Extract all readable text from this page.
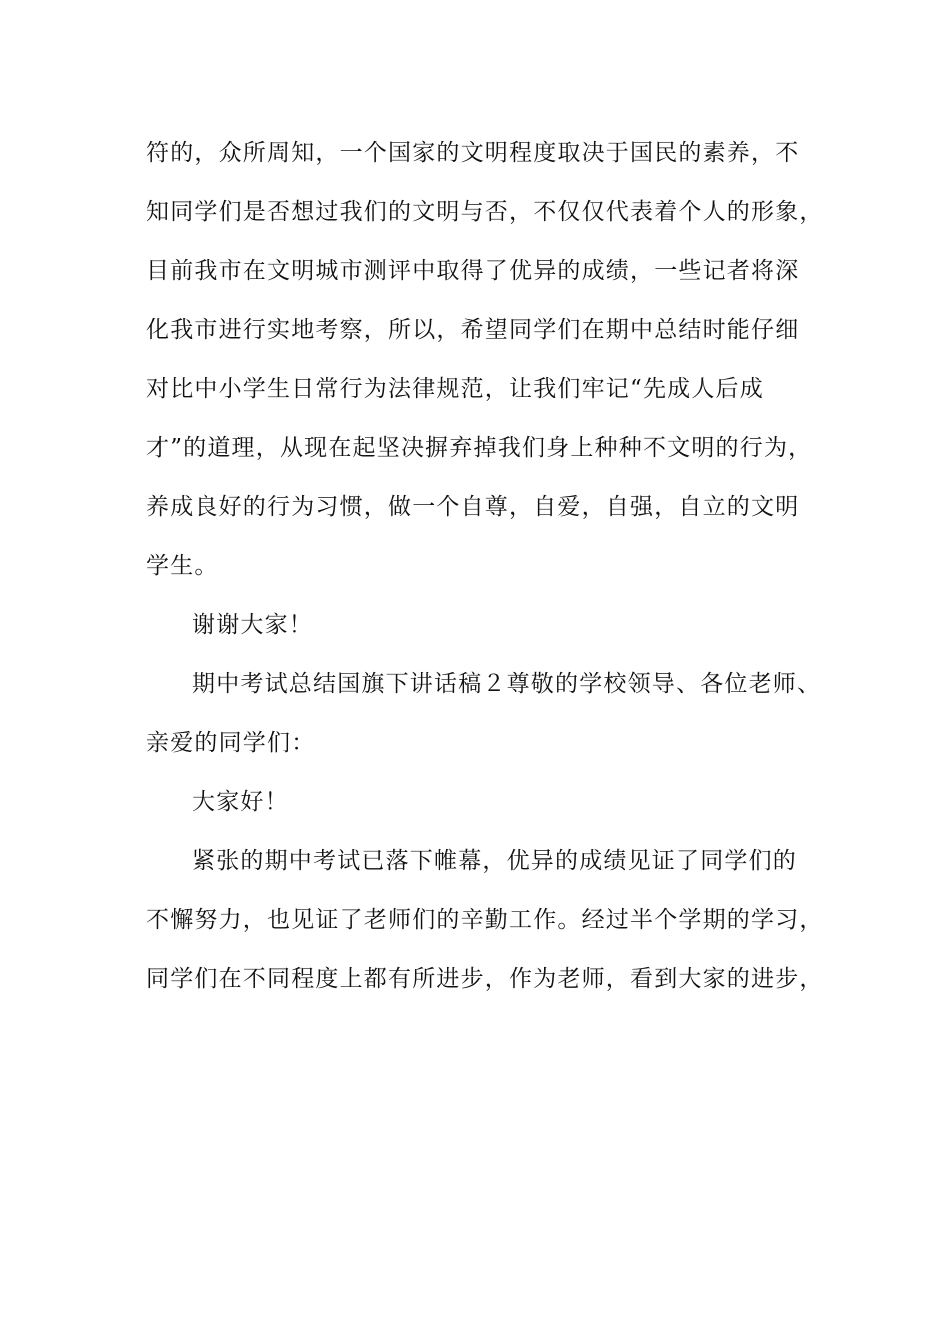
符的，众所周知，一个国家的文明程度取决于国民的素养，不
知同学们是否想过我们的文明与否，不仅仅代表着个人的形象，
目前我市在文明城市测评中取得了优异的成绩，一些记者将深
化我市进行实地考察，所以，希望同学们在期中总结时能仔细
对比中小学生日常行为法律规范，让我们牢记“先成人后成
才”的道理，从现在起坚决摒弃掉我们身上种种不文明的行为，
养成良好的行为习惯，做一个自尊，自爱，自强，自立的文明
学生。
谢谢大家！
期中考试总结国旗下讲话稿２尊敬的学校领导、各位老师、
亲爱的同学们：
大家好！
紧张的期中考试已落下帷幕，优异的成绩见证了同学们的
不懈努力，也见证了老师们的辛勤工作。经过半个学期的学习，
同学们在不同程度上都有所进步，作为老师，看到大家的进步，
